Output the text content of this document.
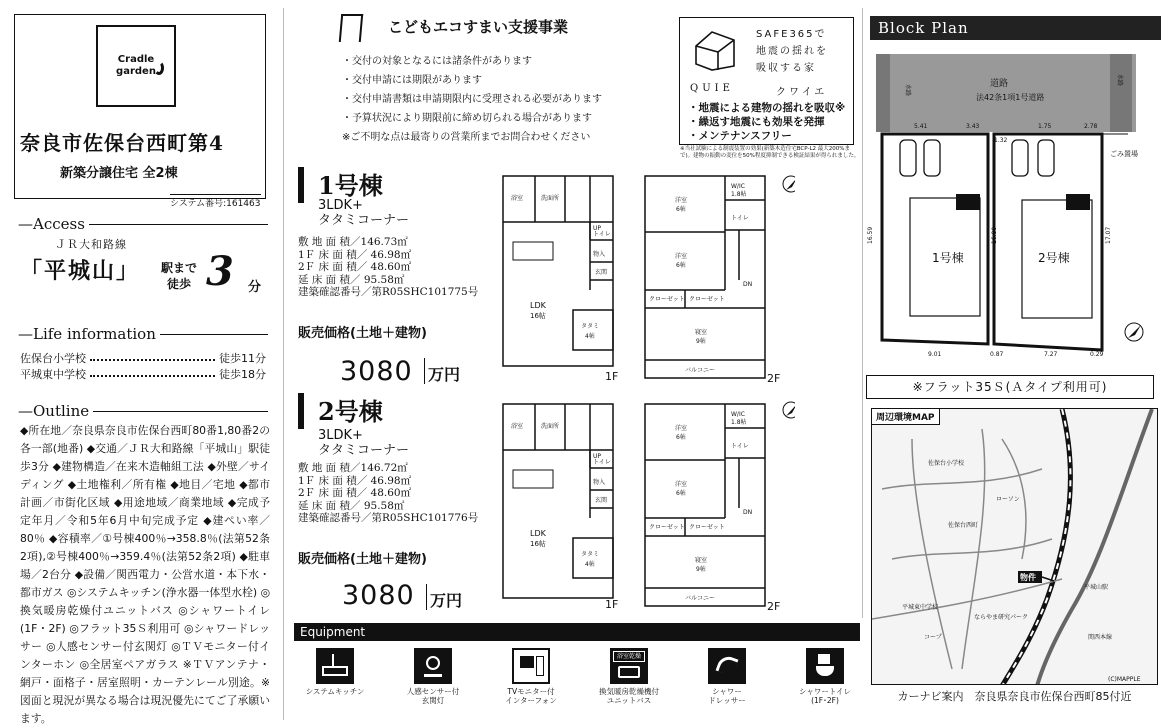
Cradle
garden
奈良市佐保台西町第4
新築分譲住宅 全2棟
システム番号:161463
—Access
ＪＲ大和路線
「平城山」	駅まで
徒歩 3 分
—Life information
佐保台小学校	徒歩11分
平城東中学校	徒歩18分
—Outline
◆所在地／奈良県奈良市佐保台西町80番1,80番2の各一部(地番) ◆交通／ＪＲ大和路線「平城山」駅徒歩3分 ◆建物構造／在来木造軸組工法 ◆外壁／サイディング ◆土地権利／所有権 ◆地目／宅地 ◆都市計画／市街化区域 ◆用途地域／商業地域 ◆完成予定年月／令和5年6月中旬完成予定 ◆建ぺい率／80％ ◆容積率／①号棟400％→358.8％(法第52条2項),②号棟400％→359.4％(法第52条2項) ◆駐車場／2台分 ◆設備／関西電力・公営水道・本下水・都市ガス ◎システムキッチン(浄水器一体型水栓) ◎換気暖房乾燥付ユニットバス ◎シャワートイレ(1F・2F) ◎フラット35Ｓ利用可 ◎シャワードレッサー ◎人感センサー付玄関灯 ◎ＴＶモニター付インターホン ◎全居室ペアガラス ※ＴＶアンテナ・網戸・面格子・居室照明・カーテンレール別途。※図面と現況が異なる場合は現況優先にてご了承願います。
こどもエコすまい支援事業
・交付の対象となるには諸条件があります
・交付申請には期限があります
・交付申請書類は申請期限内に受理される必要があります
・予算状況により期限前に締め切られる場合があります
※ご不明な点は最寄りの営業所までお問合わせください
SAFE365で
地震の揺れを
吸収する家
QUIE	クワイエ
・地震による建物の揺れを吸収※
・繰返す地震にも効果を発揮
・メンテナンスフリー
※当社試験による制震装置の効果(新築木造住宅BCP-L2 最大200%まで)。建物の振動の変位を50%程度抑制できる検証結果が得られました。
1号棟
3LDK+
タタミコーナー
敷 地 面 積／146.73㎡
1Ｆ 床 面 積／ 46.98㎡
2Ｆ 床 面 積／ 48.60㎡
延 床 面 積／ 95.58㎡
建築確認番号／第R05SHC101775号
販売価格(土地＋建物)
3080 万円
2号棟
3LDK+
タタミコーナー
敷 地 面 積／146.72㎡
1Ｆ 床 面 積／ 46.98㎡
2Ｆ 床 面 積／ 48.60㎡
延 床 面 積／ 95.58㎡
建築確認番号／第R05SHC101776号
販売価格(土地＋建物)
3080 万円
浴室	洗面所
トイレ
物入
玄関
UP
LDK
16帖
タタミ
4帖
1F
洋室
6帖
洋室
6帖
W/IC
1.8帖
トイレ
クローゼット クローゼット
寝室
9帖
バルコニー
DN
2F
浴室	洗面所
トイレ
物入
玄関
UP
LDK
16帖
タタミ
4帖
1F
洋室
6帖
洋室
6帖
W/IC
1.8帖
トイレ
クローゼット クローゼット
寝室
9帖
バルコニー
DN
2F
Equipment
システムキッチン	人感センサー付
玄関灯
TVモニター付
インターフォン
浴室乾燥
換気暖房乾燥機付
ユニットバス
シャワー
ドレッサー
シャワートイレ
(1F･2F)
Block Plan
道路
法42条1項1号道路
水路
水路
5.41	3.43	1.75	2.78
1.32
ごみ置場
1号棟	2号棟
16.59	16.80	17.07
9.01	0.87	7.27	0.29
※フラット35Ｓ(Ａタイプ利用可)
物件
佐保台小学校
佐保台西町
平城山駅
ならやま研究パーク
平城東中学校
ローソン
コープ	関西本線
(C)MAPPLE
周辺環境MAP
カーナビ案内　奈良県奈良市佐保台西町85付近
